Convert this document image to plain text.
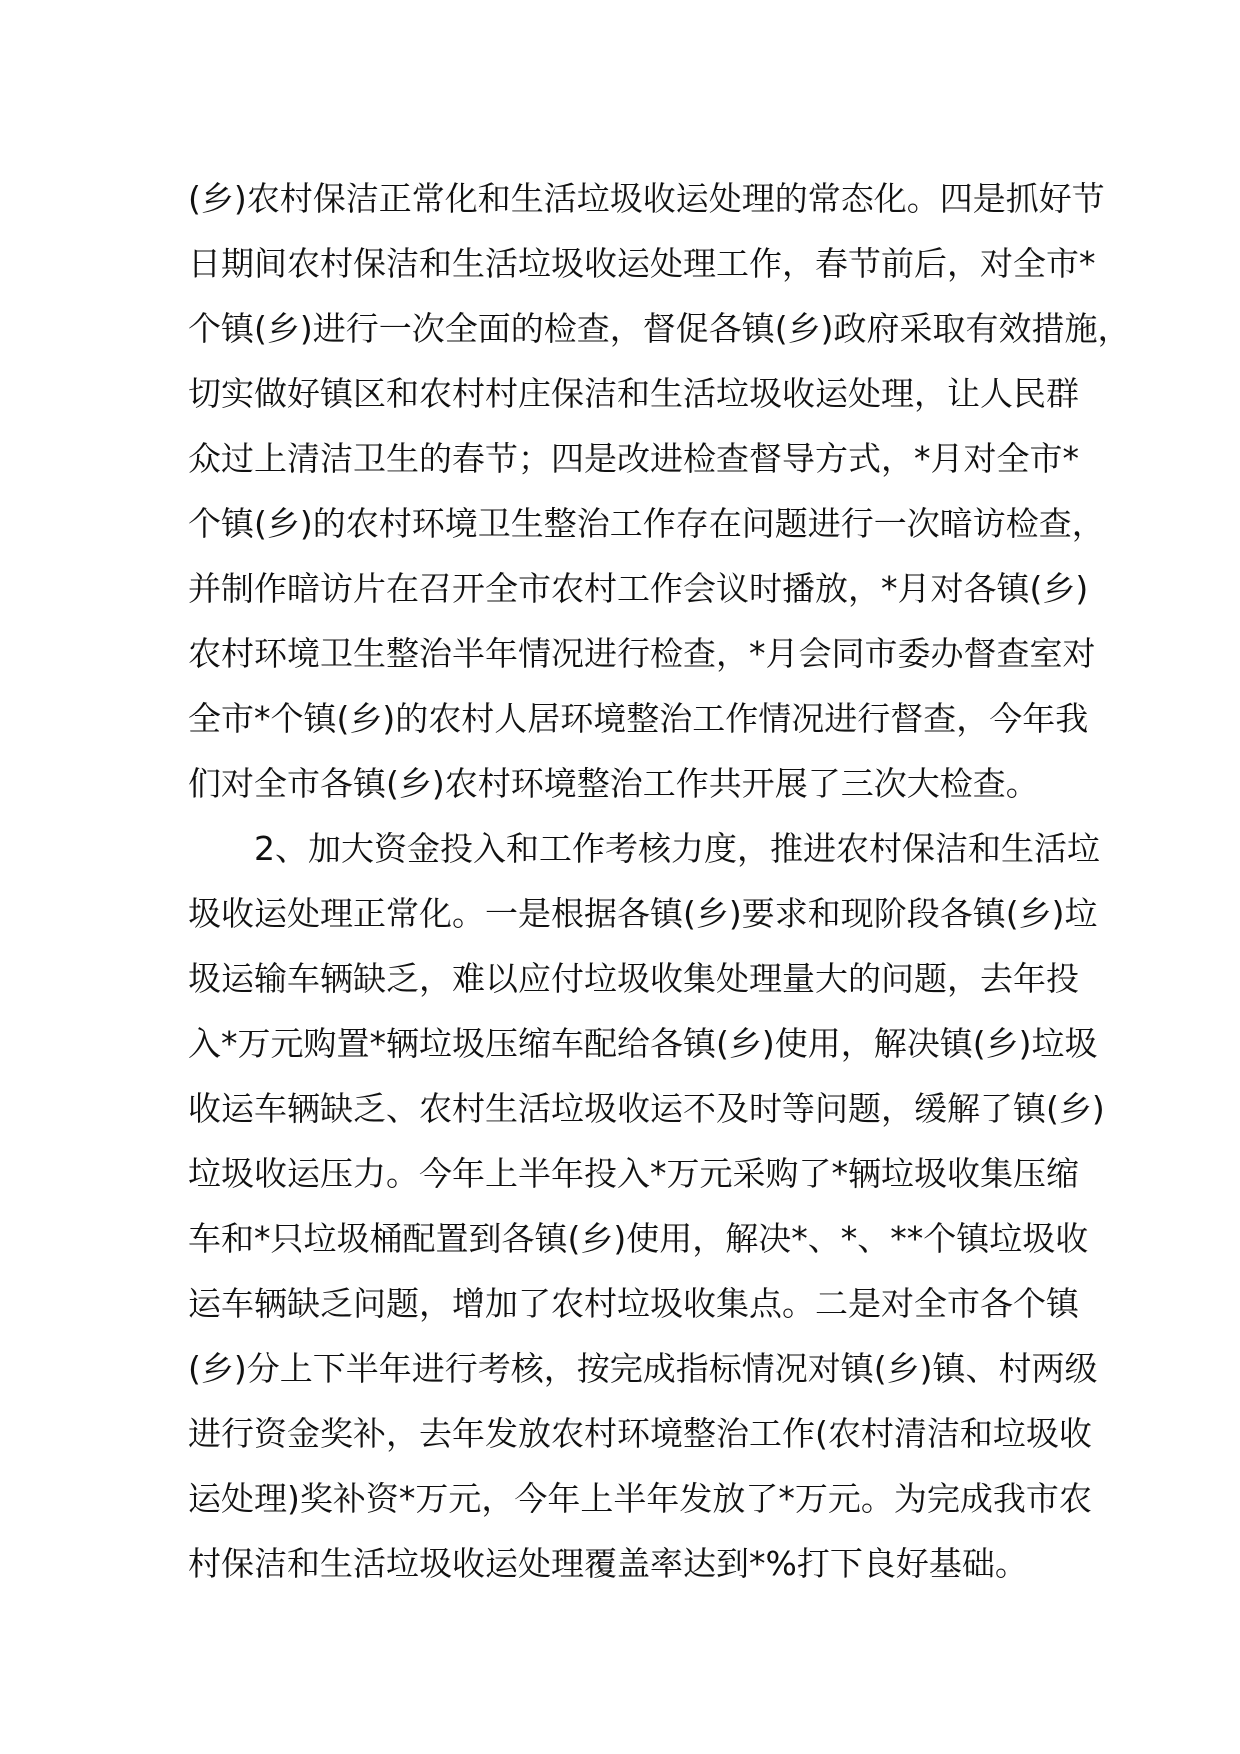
(乡)农村保洁正常化和生活垃圾收运处理的常态化。四是抓好节
日期间农村保洁和生活垃圾收运处理工作，春节前后，对全市*
个镇(乡)进行一次全面的检查，督促各镇(乡)政府采取有效措施，
切实做好镇区和农村村庄保洁和生活垃圾收运处理，让人民群
众过上清洁卫生的春节；四是改进检查督导方式，*月对全市*
个镇(乡)的农村环境卫生整治工作存在问题进行一次暗访检查，
并制作暗访片在召开全市农村工作会议时播放，*月对各镇(乡)
农村环境卫生整治半年情况进行检查，*月会同市委办督查室对
全市*个镇(乡)的农村人居环境整治工作情况进行督查，今年我
们对全市各镇(乡)农村环境整治工作共开展了三次大检查。
2、加大资金投入和工作考核力度，推进农村保洁和生活垃
圾收运处理正常化。一是根据各镇(乡)要求和现阶段各镇(乡)垃
圾运输车辆缺乏，难以应付垃圾收集处理量大的问题，去年投
入*万元购置*辆垃圾压缩车配给各镇(乡)使用，解决镇(乡)垃圾
收运车辆缺乏、农村生活垃圾收运不及时等问题，缓解了镇(乡)
垃圾收运压力。今年上半年投入*万元采购了*辆垃圾收集压缩
车和*只垃圾桶配置到各镇(乡)使用，解决*、*、**个镇垃圾收
运车辆缺乏问题，增加了农村垃圾收集点。二是对全市各个镇
(乡)分上下半年进行考核，按完成指标情况对镇(乡)镇、村两级
进行资金奖补，去年发放农村环境整治工作(农村清洁和垃圾收
运处理)奖补资*万元，今年上半年发放了*万元。为完成我市农
村保洁和生活垃圾收运处理覆盖率达到*%打下良好基础。
